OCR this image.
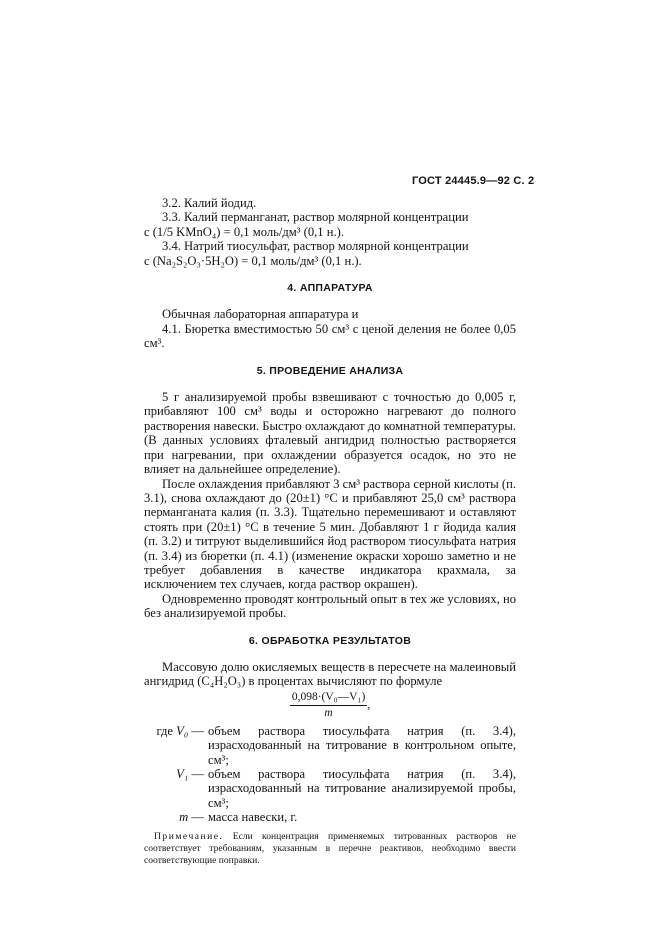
ГОСТ 24445.9—92 С. 2

3.2. Калий йодид.

3.3. Калий перманганат, раствор молярной концентрации

c (1/5 KMnO₄) = 0,1 моль/дм³ (0,1 н.).

3.4. Натрий тиосульфат, раствор молярной концентрации

c (Na₂S₂O₃·5H₂O) = 0,1 моль/дм³ (0,1 н.).

4. АППАРАТУРА

Обычная лабораторная аппаратура и

4.1. Бюретка вместимостью 50 см³ с ценой деления не более 0,05 см³.

5. ПРОВЕДЕНИЕ АНАЛИЗА

5 г анализируемой пробы взвешивают с точностью до 0,005 г, прибавляют 100 см³ воды и осторожно нагревают до полного растворения навески. Быстро охлаждают до комнатной температуры. (В данных условиях фталевый ангидрид полностью растворяется при нагревании, при охлаждении образуется осадок, но это не влияет на дальнейшее определение).

После охлаждения прибавляют 3 см³ раствора серной кислоты (п. 3.1), снова охлаждают до (20±1) °С и прибавляют 25,0 см³ раствора перманганата калия (п. 3.3). Тщательно перемешивают и оставляют стоять при (20±1) °С в течение 5 мин. Добавляют 1 г йодида калия (п. 3.2) и титруют выделившийся йод раствором тиосульфата натрия (п. 3.4) из бюретки (п. 4.1) (изменение окраски хорошо заметно и не требует добавления в качестве индикатора крахмала, за исключением тех случаев, когда раствор окрашен).

Одновременно проводят контрольный опыт в тех же условиях, но без анализируемой пробы.

6. ОБРАБОТКА РЕЗУЛЬТАТОВ

Массовую долю окисляемых веществ в пересчете на малеиновый ангидрид (C₄H₂O₃) в процентах вычисляют по формуле

$\frac{\text{0,098·(V₀—V₁)}}{m}$ ,
где V₀ — объем раствора тиосульфата натрия (п. 3.4), израсходованный на титрование в контрольном опыте, см³;
V₁ — объем раствора тиосульфата натрия (п. 3.4), израсходованный на титрование анализируемой пробы, см³;
m — масса навески, г.

Примечание. Если концентрация применяемых титрованных растворов не соответствует требованиям, указанным в перечне реактивов, необходимо ввести соответствующие поправки.
